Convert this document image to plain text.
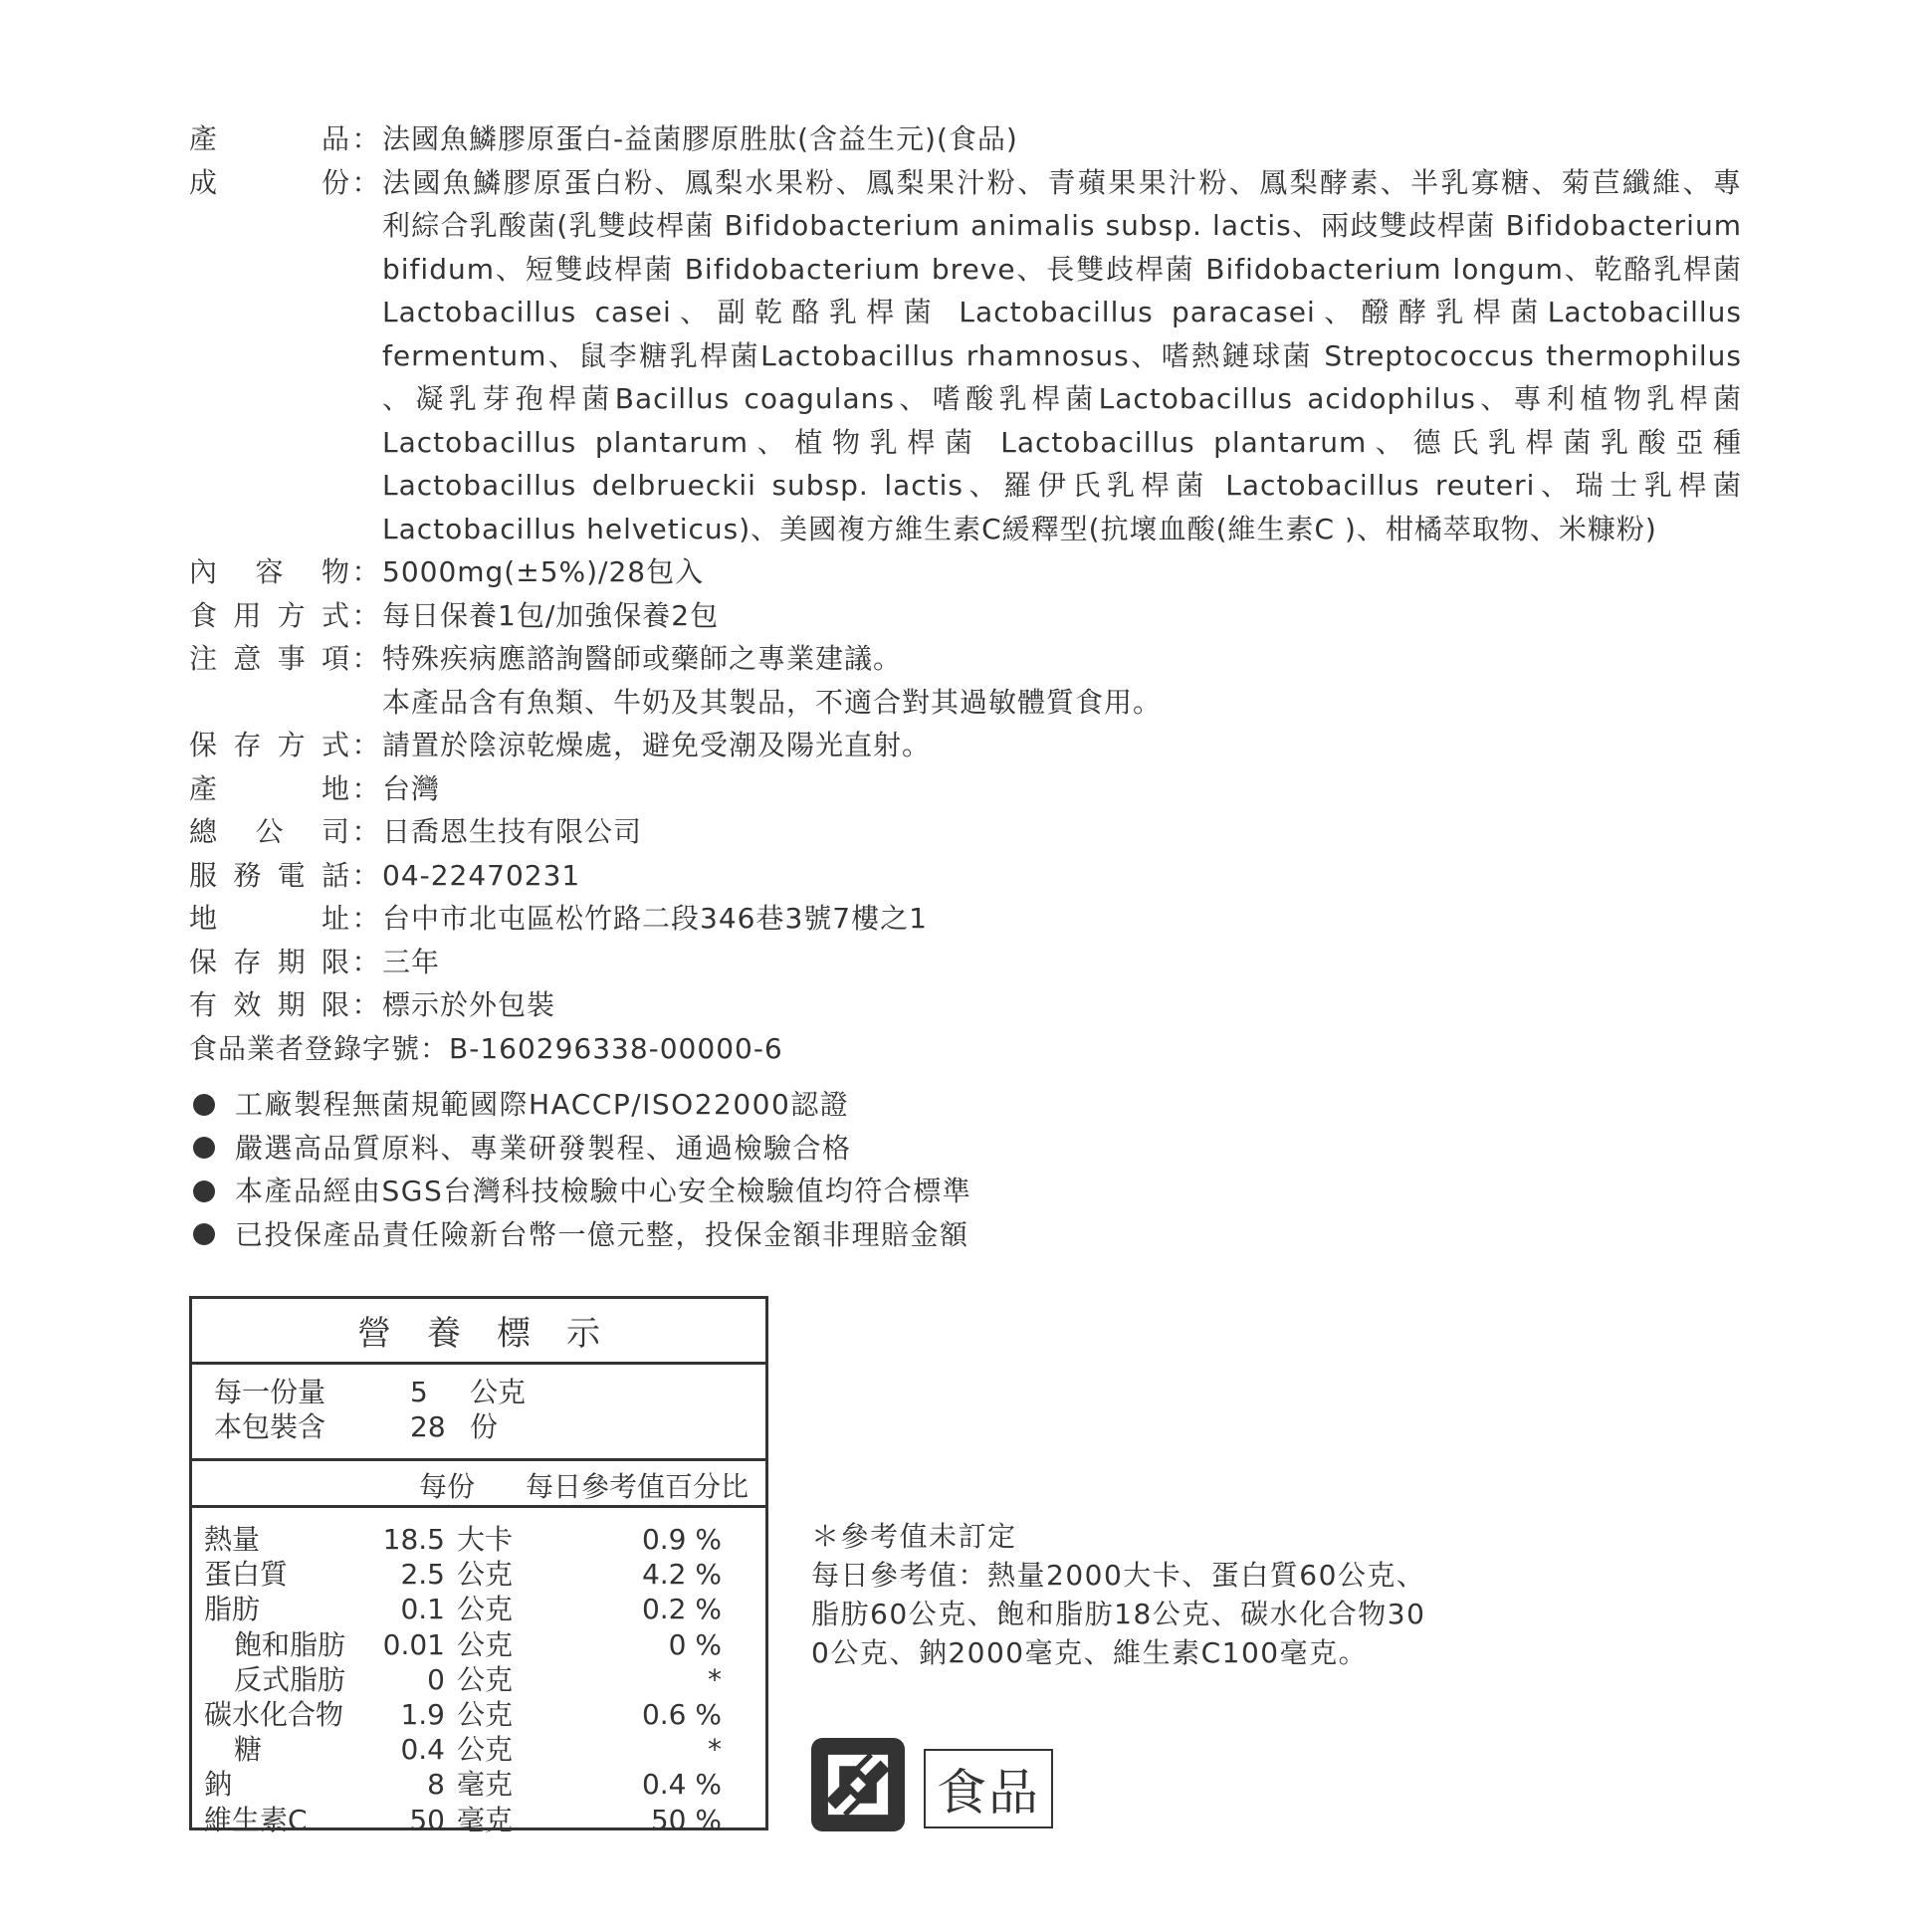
產	品 ： 法國魚鱗膠原蛋白-益菌膠原胜肽(含益生元)(食品)
成	份 ： 法國魚鱗膠原蛋白粉、鳳梨水果粉、鳳梨果汁粉、青蘋果果汁粉、鳳梨酵素、半乳寡糖、菊苣纖維、專
利綜合乳酸菌(乳雙歧桿菌 Bifidobacterium animalis subsp. lactis、兩歧雙歧桿菌 Bifidobacterium
bifidum、短雙歧桿菌 Bifidobacterium breve、長雙歧桿菌 Bifidobacterium longum、乾酪乳桿菌
Lactobacillus casei、副乾酪乳桿菌 Lactobacillus paracasei、醱酵乳桿菌Lactobacillus
fermentum、鼠李糖乳桿菌Lactobacillus rhamnosus、嗜熱鏈球菌 Streptococcus thermophilus
、凝乳芽孢桿菌Bacillus coagulans、嗜酸乳桿菌Lactobacillus acidophilus、專利植物乳桿菌
Lactobacillus plantarum、植物乳桿菌 Lactobacillus plantarum、德氏乳桿菌乳酸亞種
Lactobacillus delbrueckii subsp. lactis、羅伊氏乳桿菌 Lactobacillus reuteri、瑞士乳桿菌
Lactobacillus helveticus)、美國複方維生素C緩釋型(抗壞血酸(維生素C )、柑橘萃取物、米糠粉)
內 容 物 ： 5000mg(±5%)/28包入
食 用 方 式 ： 每日保養1包/加強保養2包
注 意 事 項 ： 特殊疾病應諮詢醫師或藥師之專業建議。
本產品含有魚類、牛奶及其製品，不適合對其過敏體質食用。
保 存 方 式 ： 請置於陰涼乾燥處，避免受潮及陽光直射。
產	地 ： 台灣
總 公 司 ： 日喬恩生技有限公司
服 務 電 話 ： 04-22470231
地	址 ： 台中市北屯區松竹路二段346巷3號7樓之1
保 存 期 限 ： 三年
有 效 期 限 ： 標示於外包裝
食品業者登錄字號：B-160296338-00000-6
工廠製程無菌規範國際HACCP/ISO22000認證
嚴選高品質原料、專業研發製程、通過檢驗合格
本產品經由SGS台灣科技檢驗中心安全檢驗值均符合標準
已投保產品責任險新台幣一億元整，投保金額非理賠金額
營養標示
每一份量	5	公克
本包裝含	28 份
每份 每日參考值百分比
熱量	18.5 大卡	0.9 %
蛋白質	2.5 公克	4.2 %
脂肪	0.1 公克	0.2 %
飽和脂肪 0.01 公克	0 %
反式脂肪	0 公克	*
碳水化合物 1.9 公克	0.6 %
糖	0.4 公克	*
鈉	8 毫克	0.4 %
維生素C	50 毫克	50 %
＊參考值未訂定
每日參考值：熱量2000大卡、蛋白質60公克、
脂肪60公克、飽和脂肪18公克、碳水化合物30
0公克、鈉2000毫克、維生素C100毫克。
食品
